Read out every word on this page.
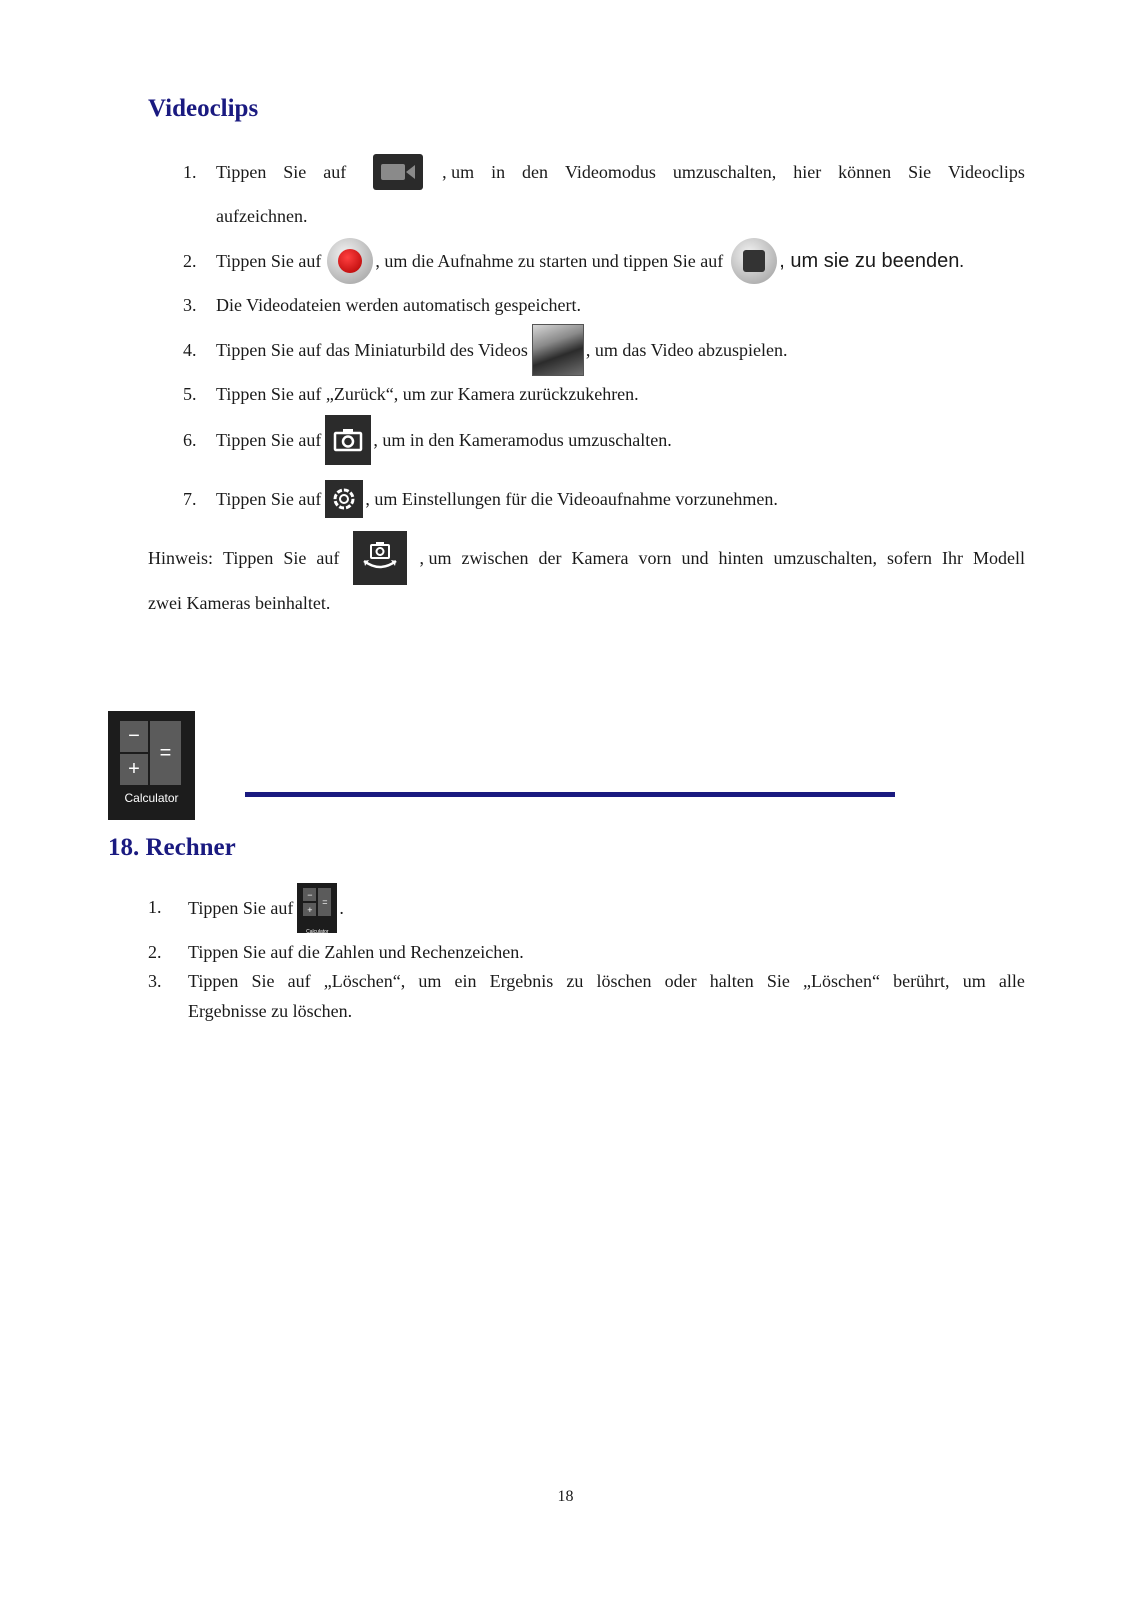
Videoclips
1. Tippen Sie auf	, um in den Videomodus umzuschalten, hier können Sie Videoclips
aufzeichnen.
2. Tippen Sie auf	, um die Aufnahme zu starten und tippen Sie auf	, um sie zu beenden .
3. Die Videodateien werden automatisch gespeichert.
4. Tippen Sie auf das Miniaturbild des Videos	, um das Video abzuspielen.
5. Tippen Sie auf „Zurück“, um zur Kamera zurückzukehren.
6. Tippen Sie auf	, um in den Kameramodus umzuschalten.
7. Tippen Sie auf , um Einstellungen für die Videoaufnahme vorzunehmen.
Hinweis: Tippen Sie auf	, um zwischen der Kamera vorn und hinten umzuschalten, sofern Ihr Modell
zwei Kameras beinhaltet.
−
+
=
Calculator
18. Rechner
1. Tippen Sie auf
−
+
=
Calculator
.
2. Tippen Sie auf die Zahlen und Rechenzeichen.
3. Tippen Sie auf „Löschen“, um ein Ergebnis zu löschen oder halten Sie „Löschen“ berührt, um alle
Ergebnisse zu löschen.
18
